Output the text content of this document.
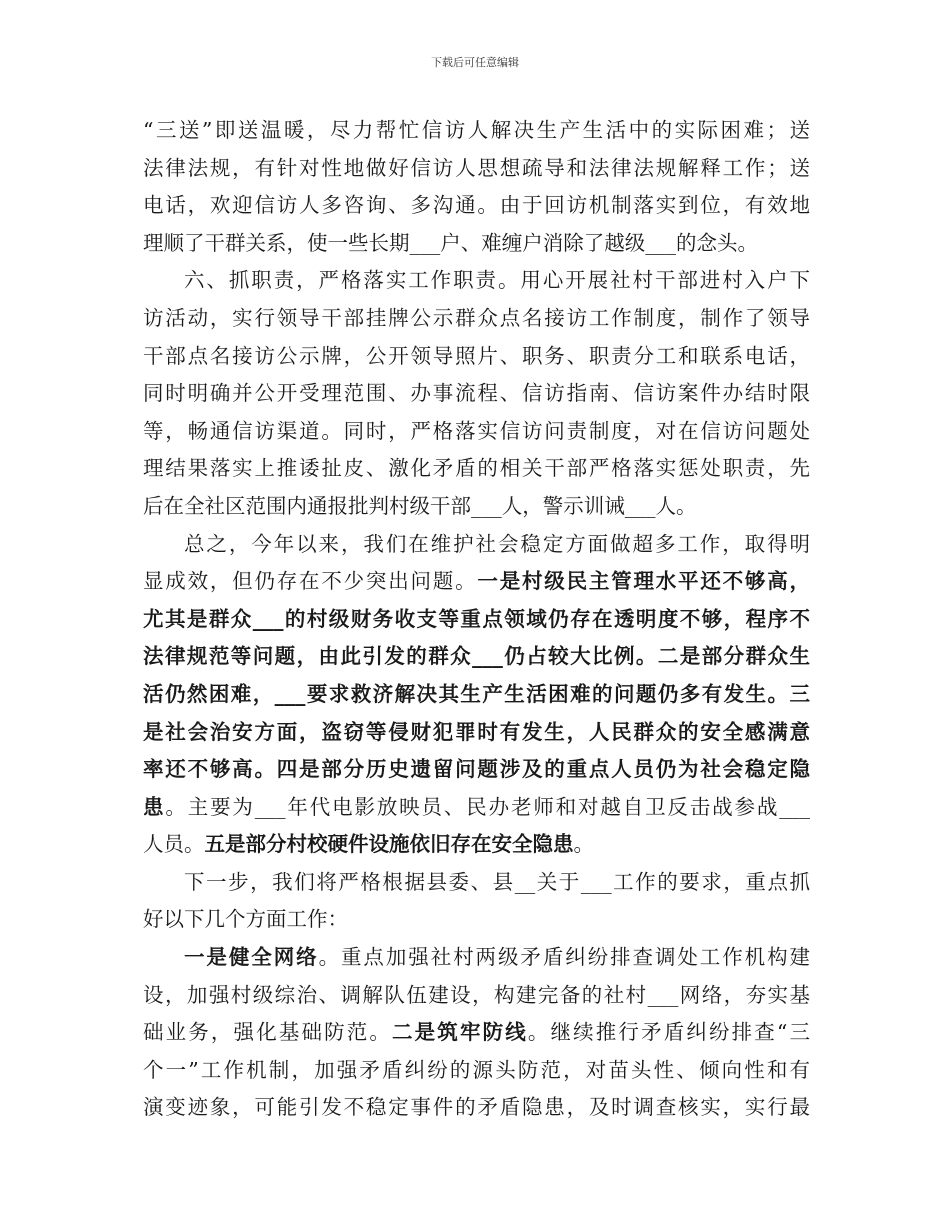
下载后可任意编辑
“三送”即送温暖，尽力帮忙信访人解决生产生活中的实际困难；送
法律法规，有针对性地做好信访人思想疏导和法律法规解释工作；送
电话，欢迎信访人多咨询、多沟通。由于回访机制落实到位，有效地
理顺了干群关系，使一些长期___户、难缠户消除了越级___的念头。
六、抓职责，严格落实工作职责。用心开展社村干部进村入户下
访活动，实行领导干部挂牌公示群众点名接访工作制度，制作了领导
干部点名接访公示牌，公开领导照片、职务、职责分工和联系电话，
同时明确并公开受理范围、办事流程、信访指南、信访案件办结时限
等，畅通信访渠道。同时，严格落实信访问责制度，对在信访问题处
理结果落实上推诿扯皮、激化矛盾的相关干部严格落实惩处职责，先
后在全社区范围内通报批判村级干部___人，警示训诫___人。
总之，今年以来，我们在维护社会稳定方面做超多工作，取得明
显成效，但仍存在不少突出问题。一是村级民主管理水平还不够高，
尤其是群众___的村级财务收支等重点领域仍存在透明度不够，程序不
法律规范等问题，由此引发的群众___仍占较大比例。二是部分群众生
活仍然困难，___要求救济解决其生产生活困难的问题仍多有发生。三
是社会治安方面，盗窃等侵财犯罪时有发生，人民群众的安全感满意
率还不够高。四是部分历史遗留问题涉及的重点人员仍为社会稳定隐
患。主要为___年代电影放映员、民办老师和对越自卫反击战参战___
人员。五是部分村校硬件设施依旧存在安全隐患。
下一步，我们将严格根据县委、县__关于___工作的要求，重点抓
好以下几个方面工作：
一是健全网络。重点加强社村两级矛盾纠纷排查调处工作机构建
设，加强村级综治、调解队伍建设，构建完备的社村___网络，夯实基
础业务，强化基础防范。二是筑牢防线。继续推行矛盾纠纷排查“三
个一”工作机制，加强矛盾纠纷的源头防范，对苗头性、倾向性和有
演变迹象，可能引发不稳定事件的矛盾隐患，及时调查核实，实行最
